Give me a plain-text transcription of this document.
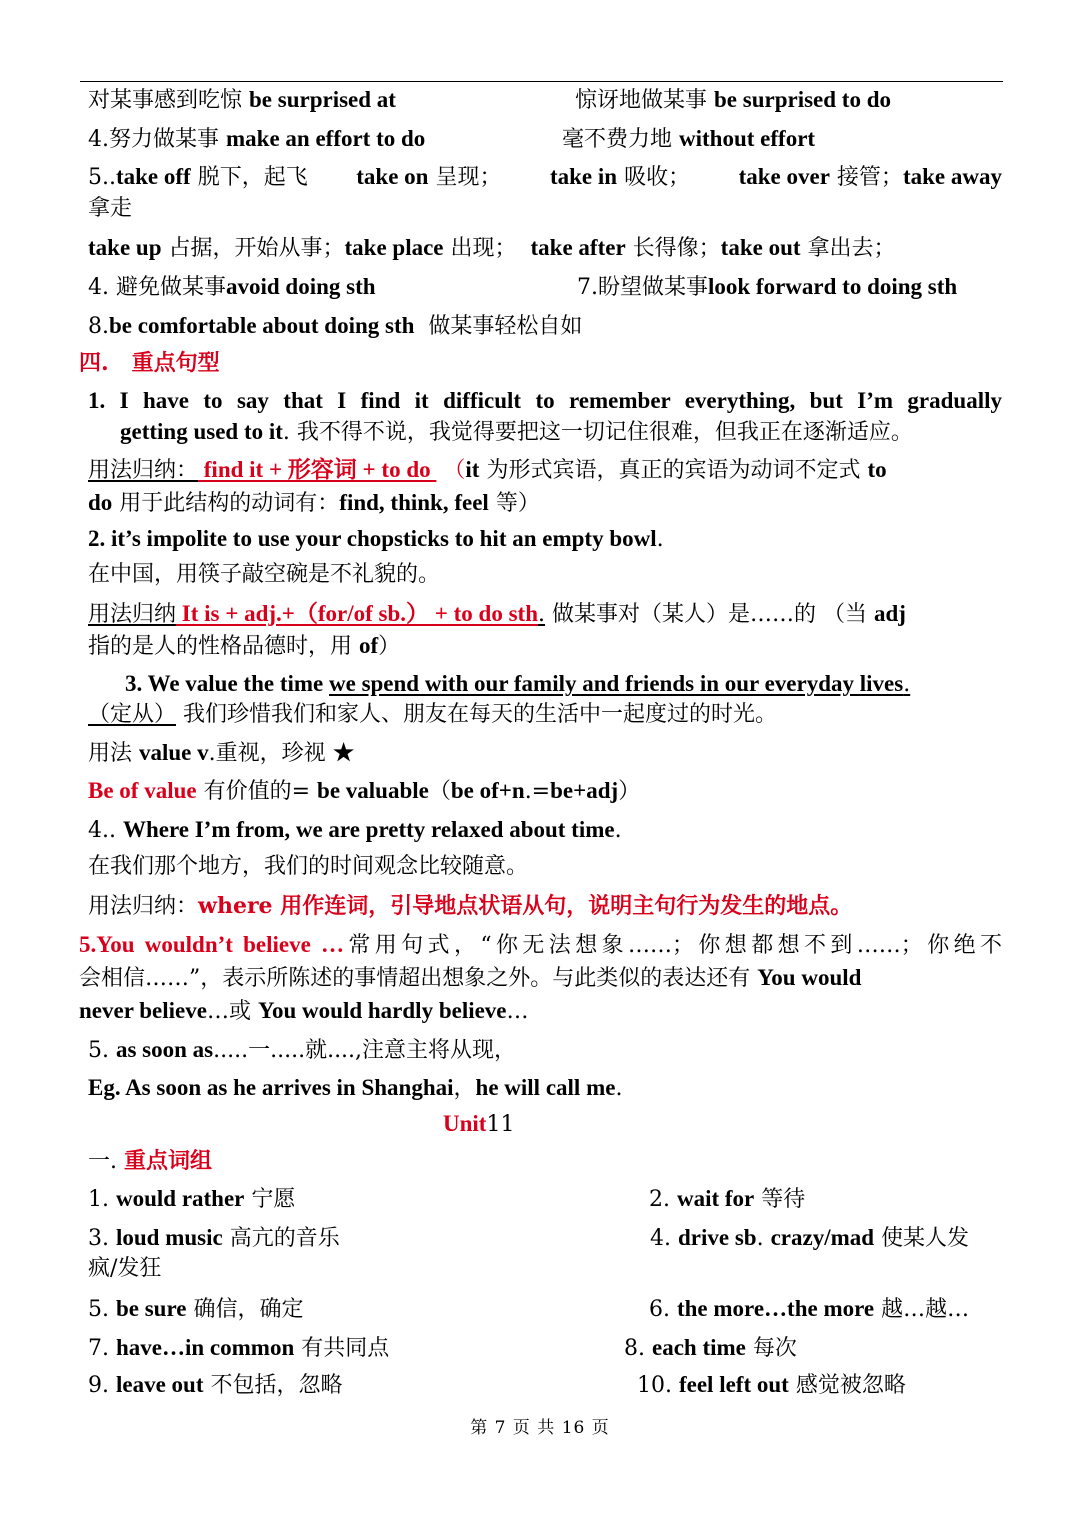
对某事感到吃惊 be surprised at	惊讶地做某事 be surprised to do
4.努力做某事 make an effort to do	毫不费力地 without effort
5..take off 脱下，起飞 take on 呈现； take in 吸收； take over 接管；take away
拿走
take up 占据，开始从事；take place 出现； take after 长得像；take out 拿出去；
4. 避免做某事avoid doing sth	7.盼望做某事look forward to doing sth
8.be comfortable about doing sth 做某事轻松自如
四. 重点句型
1. I have to say that I find it difficult to remember everything, but I’m gradually
getting used to it. 我不得不说，我觉得要把这一切记住很难，但我正在逐渐适应。
用法归纳： find it + 形容词 + to do  （it 为形式宾语，真正的宾语为动词不定式 to
do 用于此结构的动词有：find, think, feel 等）
2. it’s impolite to use your chopsticks to hit an empty bowl.
在中国，用筷子敲空碗是不礼貌的。
用法归纳 It is + adj.+（for/of sb.） + to do sth. 做某事对（某人）是……的 （当 adj
指的是人的性格品德时，用 of）
3. We value the time we spend with our family and friends in our everyday lives.
（定从） 我们珍惜我们和家人、朋友在每天的生活中一起度过的时光。
用法 value v.重视，珍视 ★
Be of value 有价值的= be valuable（be of+n.=be+adj）
4.. Where I’m from, we are pretty relaxed about time.
在我们那个地方，我们的时间观念比较随意。
用法归纳：where 用作连词，引导地点状语从句，说明主句行为发生的地点。
5.You wouldn’t believe …常用句式，“你无法想象……；你想都想不到……；你绝不
会相信……”，表示所陈述的事情超出想象之外。与此类似的表达还有 You would
never believe…或 You would hardly believe…
5. as soon as.....一.....就....,注意主将从现，
Eg. As soon as he arrives in Shanghai，he will call me.
Unit11
一. 重点词组
1. would rather 宁愿	2. wait for 等待
3. loud music 高亢的音乐	4. drive sb. crazy/mad 使某人发
疯/发狂
5. be sure 确信，确定	6. the more…the more 越…越…
7. have…in common 有共同点	8. each time 每次
9. leave out 不包括，忽略	10. feel left out 感觉被忽略
第 7 页 共 16 页
